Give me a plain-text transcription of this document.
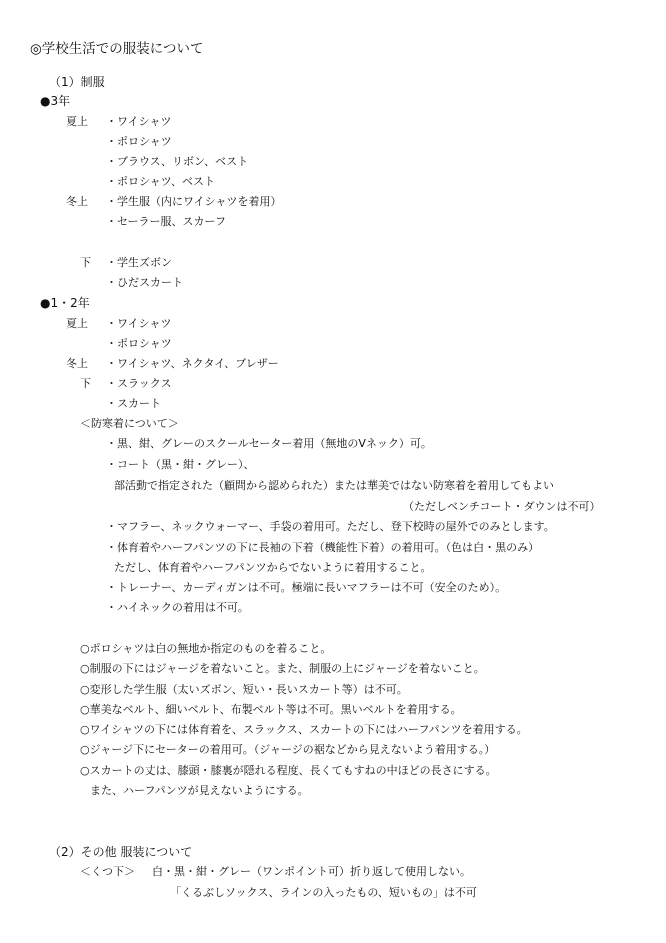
◎学校生活での服装について
（1）制服
●3年
夏上 ・ワイシャツ
・ポロシャツ
・ブラウス、リボン、ベスト
・ポロシャツ、ベスト
冬上 ・学生服（内にワイシャツを着用）
・セーラー服、スカーフ
下 ・学生ズボン
・ひだスカート
●1・2年
夏上 ・ワイシャツ
・ポロシャツ
冬上 ・ワイシャツ、ネクタイ、ブレザー
下 ・スラックス
・スカート
＜防寒着について＞
・黒、紺、グレーのスクールセーター着用（無地のVネック）可。
・コート（黒・紺・グレー）、
部活動で指定された（顧問から認められた）または華美ではない防寒着を着用してもよい
（ただしベンチコート・ダウンは不可）
・マフラー、ネックウォーマー、手袋の着用可。ただし、登下校時の屋外でのみとします。
・体育着やハーフパンツの下に長袖の下着（機能性下着）の着用可。（色は白・黒のみ）
ただし、体育着やハーフパンツからでないように着用すること。
・トレーナー、カーディガンは不可。極端に長いマフラーは不可（安全のため）。
・ハイネックの着用は不可。
○ポロシャツは白の無地か指定のものを着ること。
○制服の下にはジャージを着ないこと。また、制服の上にジャージを着ないこと。
○変形した学生服（太いズボン、短い・長いスカート等）は不可。
○華美なベルト、細いベルト、布製ベルト等は不可。黒いベルトを着用する。
○ワイシャツの下には体育着を、スラックス、スカートの下にはハーフパンツを着用する。
○ジャージ下にセーターの着用可。（ジャージの裾などから見えないよう着用する。）
○スカートの丈は、膝頭・膝裏が隠れる程度、長くてもすねの中ほどの長さにする。
また、ハーフパンツが見えないようにする。
（2）その他 服装について
＜くつ下＞ 白・黒・紺・グレー（ワンポイント可）折り返して使用しない。
「くるぶしソックス、ラインの入ったもの、短いもの」は不可
